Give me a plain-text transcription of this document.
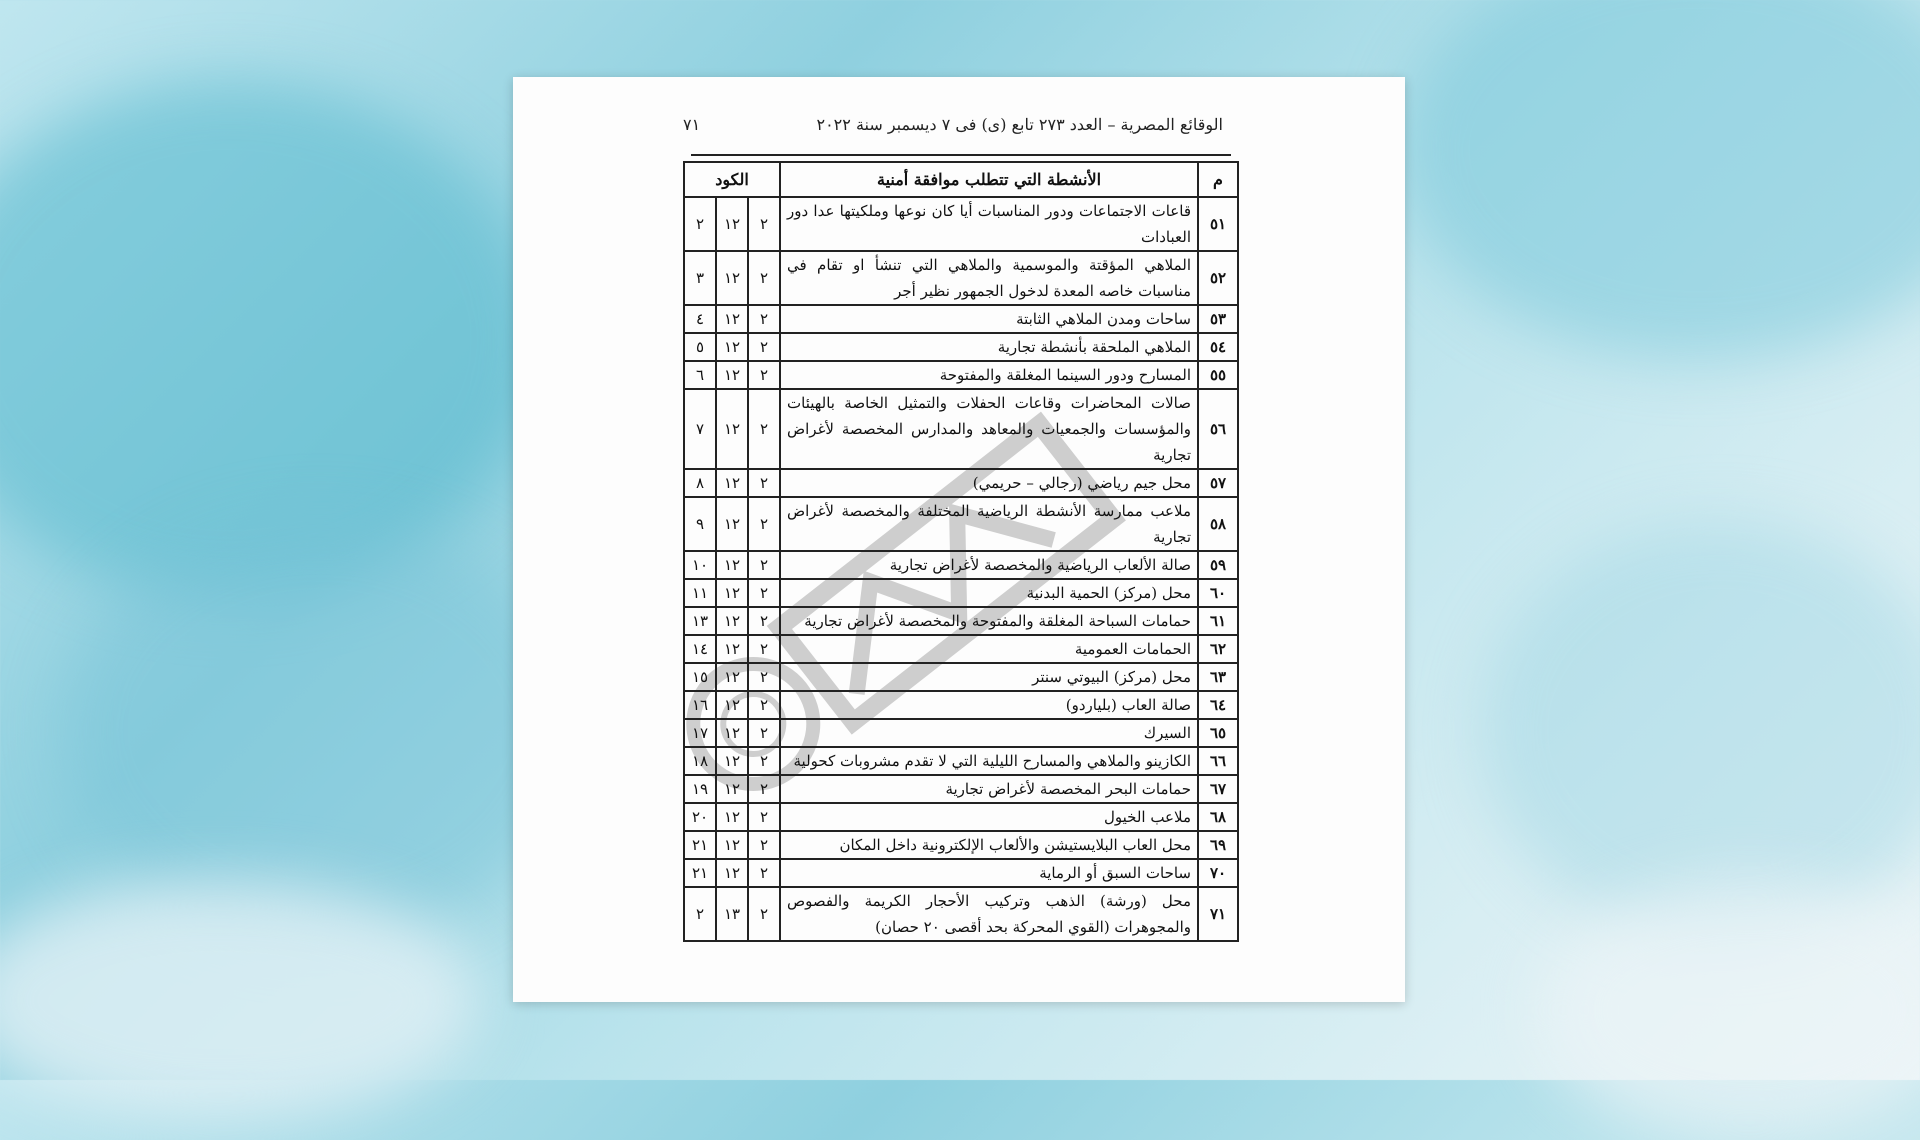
الوقائع المصرية – العدد ٢٧٣ تابع (ى) فى ٧ ديسمبر سنة ٢٠٢٢
٧١
م	الأنشطة التي تتطلب موافقة أمنية	الكود		
٥١	قاعات الاجتماعات ودور المناسبات أيا كان نوعها وملكيتها عدا دور العبادات	٢	١٢	٢
٥٢	الملاهي المؤقتة والموسمية والملاهي التي تنشأ او تقام في مناسبات خاصه المعدة لدخول الجمهور نظير أجر	٢	١٢	٣
٥٣	ساحات ومدن الملاهي الثابتة	٢	١٢	٤
٥٤	الملاهي الملحقة بأنشطة تجارية	٢	١٢	٥
٥٥	المسارح ودور السينما المغلقة والمفتوحة	٢	١٢	٦
٥٦	صالات المحاضرات وقاعات الحفلات والتمثيل الخاصة بالهيئات والمؤسسات والجمعيات والمعاهد والمدارس المخصصة لأغراض تجارية	٢	١٢	٧
٥٧	محل جيم رياضي (رجالي – حريمي)	٢	١٢	٨
٥٨	ملاعب ممارسة الأنشطة الرياضية المختلفة والمخصصة لأغراض تجارية	٢	١٢	٩
٥٩	صالة الألعاب الرياضية والمخصصة لأغراض تجارية	٢	١٢	١٠
٦٠	محل (مركز) الحمية البدنية	٢	١٢	١١
٦١	حمامات السباحة المغلقة والمفتوحة والمخصصة لأغراض تجارية	٢	١٢	١٣
٦٢	الحمامات العمومية	٢	١٢	١٤
٦٣	محل (مركز) البيوتي سنتر	٢	١٢	١٥
٦٤	صالة العاب (بلياردو)	٢	١٢	١٦
٦٥	السيرك	٢	١٢	١٧
٦٦	الكازينو والملاهي والمسارح الليلية التي لا تقدم مشروبات كحولية	٢	١٢	١٨
٦٧	حمامات البحر المخصصة لأغراض تجارية	٢	١٢	١٩
٦٨	ملاعب الخيول	٢	١٢	٢٠
٦٩	محل العاب البلايستيشن والألعاب الإلكترونية داخل المكان	٢	١٢	٢١
٧٠	ساحات السبق أو الرماية	٢	١٢	٢١
٧١	محل (ورشة) الذهب وتركيب الأحجار الكريمة والفصوص والمجوهرات (القوي المحركة بحد أقصى ٢٠ حصان)	٢	١٣	٢
